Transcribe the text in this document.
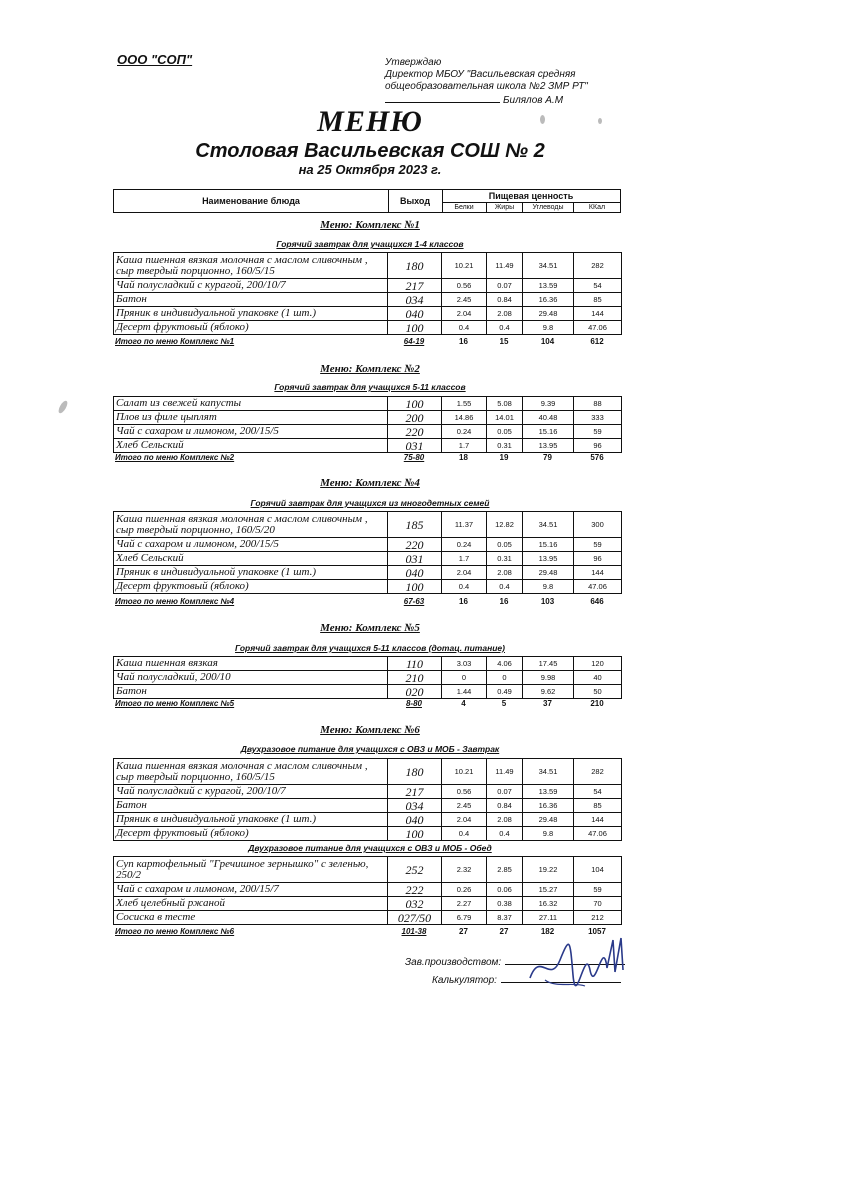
ООО "СОП"	Утверждаю
Директор МБОУ "Васильевская средняя
общеобразовательная школа №2 ЗМР РТ"
Билялов А.М
МЕНЮ
Столовая Васильевская СОШ № 2
на 25 Октября 2023 г.
Наименование блюда	Выход	Пищевая ценность
Белки	Жиры	Углеводы	ККал
Меню: Комплекс №1
Горячий завтрак для учащихся 1-4 классов
Каша пшенная вязкая молочная с маслом сливочным , сыр твердый порционно, 160/5/15	180	10.21	11.49	34.51	282
Чай полусладкий с курагой, 200/10/7	217	0.56	0.07	13.59	54
Батон	034	2.45	0.84	16.36	85
Пряник в индивидуальной упаковке (1 шт.)	040	2.04	2.08	29.48	144
Десерт фруктовый (яблоко)	100	0.4	0.4	9.8	47.06
Итого по меню Комплекс №1	64-19	16	15	104	612
Меню: Комплекс №2
Горячий завтрак для учащихся 5-11 классов
Салат из свежей капусты	100	1.55	5.08	9.39	88
Плов из филе цыплят	200	14.86	14.01	40.48	333
Чай с сахаром и лимоном, 200/15/5	220	0.24	0.05	15.16	59
Хлеб Сельский	031	1.7	0.31	13.95	96
Итого по меню Комплекс №2	75-80	18	19	79	576
Меню: Комплекс №4
Горячий завтрак для учащихся из многодетных семей
Каша пшенная вязкая молочная с маслом сливочным , сыр твердый порционно, 160/5/20	185	11.37	12.82	34.51	300
Чай с сахаром и лимоном, 200/15/5	220	0.24	0.05	15.16	59
Хлеб Сельский	031	1.7	0.31	13.95	96
Пряник в индивидуальной упаковке (1 шт.)	040	2.04	2.08	29.48	144
Десерт фруктовый (яблоко)	100	0.4	0.4	9.8	47.06
Итого по меню Комплекс №4	67-63	16	16	103	646
Меню: Комплекс №5
Горячий завтрак для учащихся 5-11 классов (дотац. питание)
Каша пшенная вязкая	110	3.03	4.06	17.45	120
Чай полусладкий, 200/10	210	0	0	9.98	40
Батон	020	1.44	0.49	9.62	50
Итого по меню Комплекс №5	8-80	4	5	37	210
Меню: Комплекс №6
Двухразовое питание для учащихся с ОВЗ и МОБ - Завтрак
Каша пшенная вязкая молочная с маслом сливочным , сыр твердый порционно, 160/5/15	180	10.21	11.49	34.51	282
Чай полусладкий с курагой, 200/10/7	217	0.56	0.07	13.59	54
Батон	034	2.45	0.84	16.36	85
Пряник в индивидуальной упаковке (1 шт.)	040	2.04	2.08	29.48	144
Десерт фруктовый (яблоко)	100	0.4	0.4	9.8	47.06
Двухразовое питание для учащихся с ОВЗ и МОБ - Обед
Суп картофельный "Гречишное зернышко" с зеленью, 250/2	252	2.32	2.85	19.22	104
Чай с сахаром и лимоном, 200/15/7	222	0.26	0.06	15.27	59
Хлеб целебный ржаной	032	2.27	0.38	16.32	70
Сосиска в тесте	027/50	6.79	8.37	27.11	212
Итого по меню Комплекс №6	101-38	27	27	182	1057
Зав.производством:
Калькулятор:
